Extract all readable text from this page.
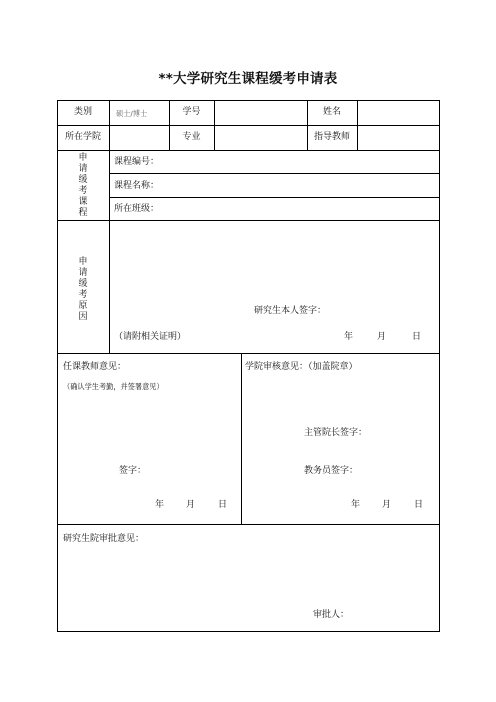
**大学研究生课程缓考申请表
类别	硕士/博士	学号	姓名
所在学院	专业	指导教师
申请缓考课程
课程编号：
课程名称：
所在班级：
申请缓考原因
研究生本人签字：
（请附相关证明）	年	月	日
任课教师意见：
（确认学生考勤，并签署意见）
签字：
年 月	日
学院审核意见：（加盖院章）
主管院长签字：
教务员签字：
年 月	日
研究生院审批意见：
审批人：
